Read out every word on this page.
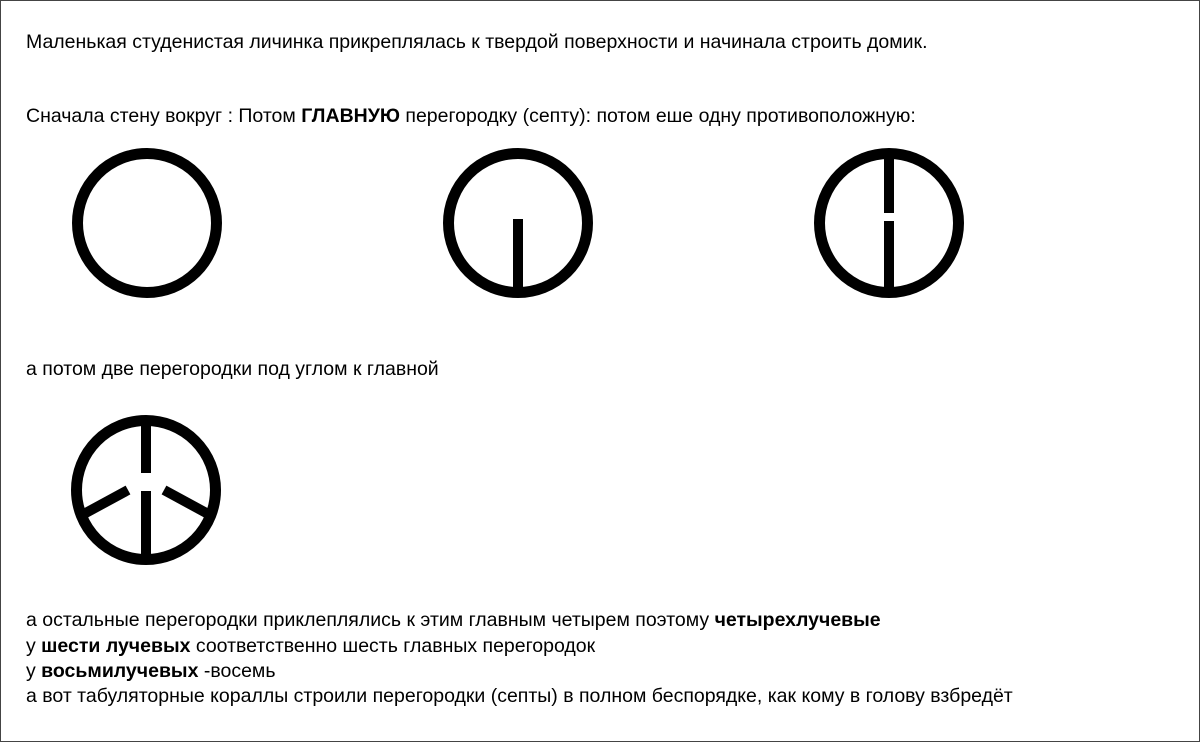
Маленькая студенистая личинка прикреплялась к твердой поверхности и начинала строить домик.
Сначала стену вокруг : Потом ГЛАВНУЮ перегородку (септу): потом еше одну противоположную:
а потом две перегородки под углом к главной
а остальные перегородки приклеплялись к этим главным четырем поэтому четырехлучевые
у шести лучевых соответственно шесть главных перегородок
у восьмилучевых -восемь
а вот табуляторные кораллы строили перегородки (септы) в полном беспорядке, как кому в голову взбредёт
